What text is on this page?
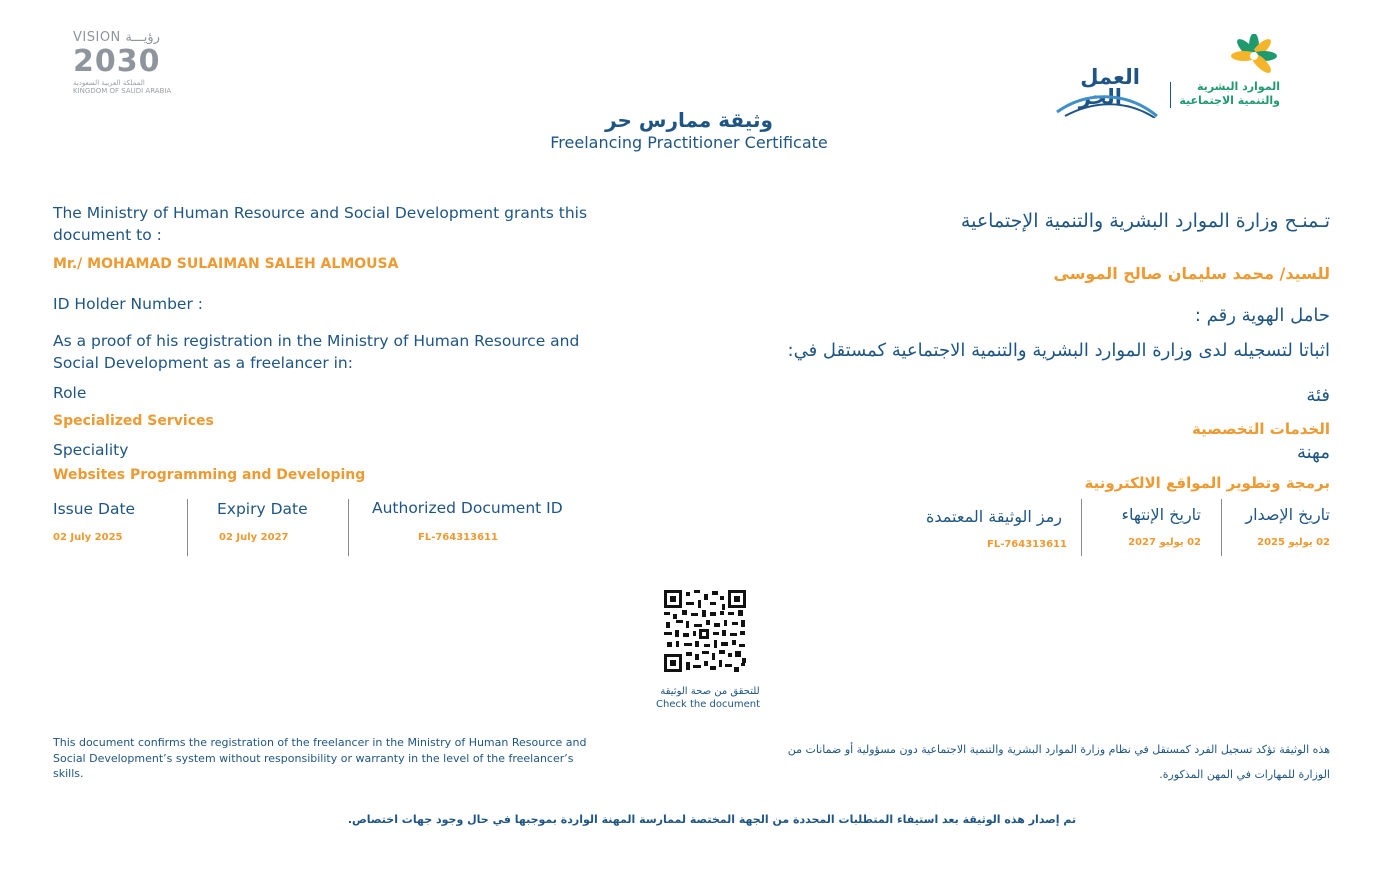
VISION رؤيـــة
2030
المملكة العربية السعودية
KINGDOM OF SAUDI ARABIA
العمل
الحر	الموارد البشرية
والتنمية الاجتماعية
وثيقة ممارس حر
Freelancing Practitioner Certificate
The Ministry of Human Resource and Social Development grants this document to :
Mr./ MOHAMAD SULAIMAN SALEH ALMOUSA
ID Holder Number :
As a proof of his registration in the Ministry of Human Resource and Social Development as a freelancer in:
Role
Specialized Services
Speciality
Websites Programming and Developing
Issue Date
02 July 2025
Expiry Date
02 July 2027
Authorized Document ID
FL-764313611
تـمنـح وزارة الموارد البشرية والتنمية الإجتماعية
للسيد/ محمد سليمان صالح الموسى
حامل الهوية رقم :
اثباتا لتسجيله لدى وزارة الموارد البشرية والتنمية الاجتماعية كمستقل في:
فئة
الخدمات التخصصية
مهنة
برمجة وتطوير المواقع الالكترونية
تاريخ الإصدار
02 يوليو 2025
تاريخ الإنتهاء
02 يوليو 2027
رمز الوثيقة المعتمدة
FL-764313611
للتحقق من صحة الوثيقة
Check the document
This document confirms the registration of the freelancer in the Ministry of Human Resource and Social Development’s system without responsibility or warranty in the level of the freelancer’s skills.
هذه الوثيقة تؤكد تسجيل الفرد كمستقل في نظام وزارة الموارد البشرية والتنمية الاجتماعية دون مسؤولية أو ضمانات من
الوزارة للمهارات في المهن المذكورة.
تم إصدار هذه الوثيقة بعد استيفاء المتطلبات المحددة من الجهة المختصة لممارسة المهنة الواردة بموجبها في حال وجود جهات اختصاص.
